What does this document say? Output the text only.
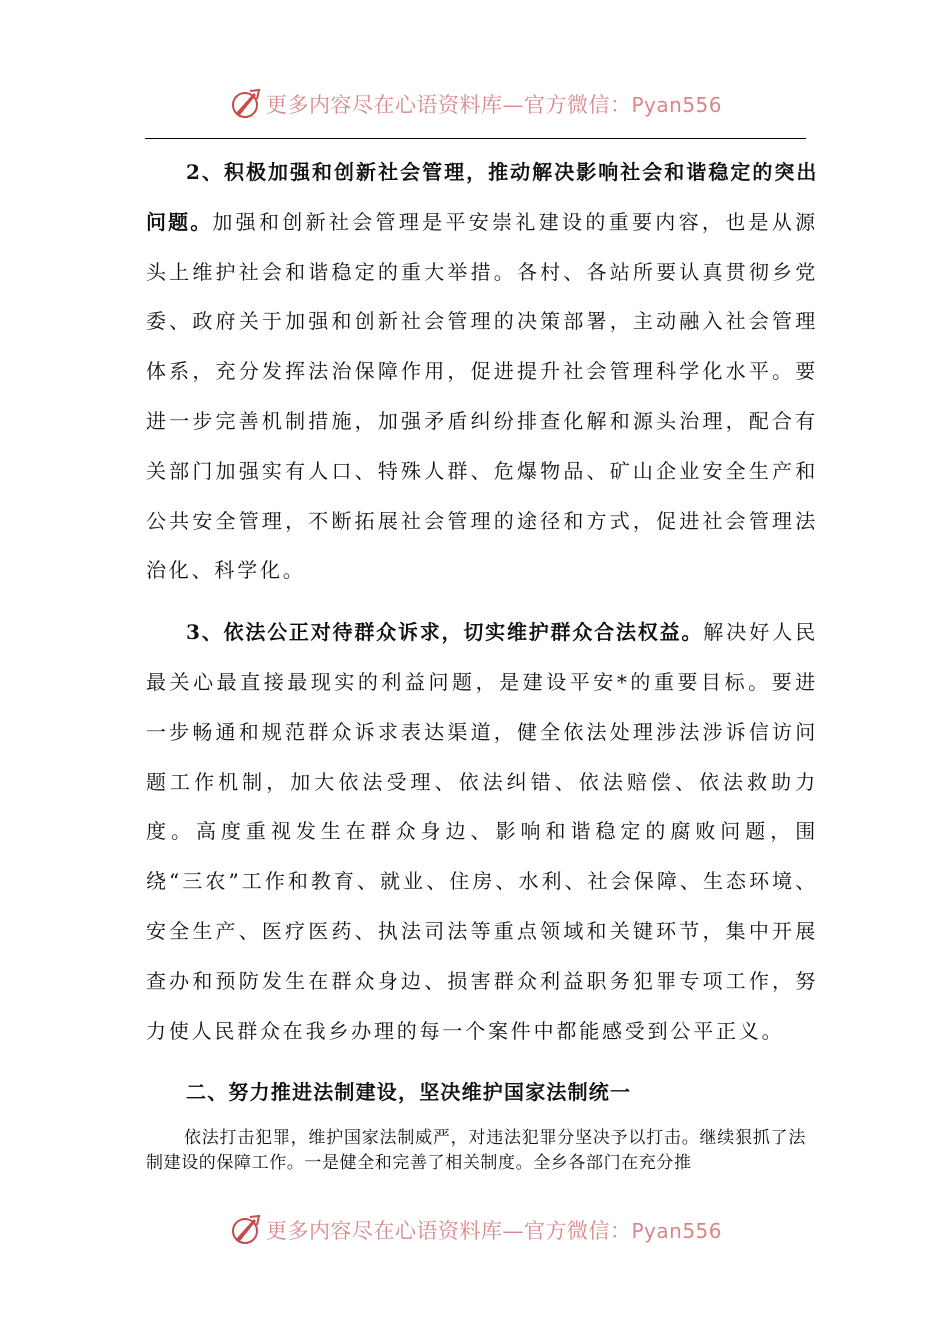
更多内容尽在心语资料库—官方微信：Pyan556

2、积极加强和创新社会管理，推动解决影响社会和谐稳定的突出问题。加强和创新社会管理是平安崇礼建设的重要内容，也是从源头上维护社会和谐稳定的重大举措。各村、各站所要认真贯彻乡党委、政府关于加强和创新社会管理的决策部署，主动融入社会管理体系，充分发挥法治保障作用，促进提升社会管理科学化水平。要进一步完善机制措施，加强矛盾纠纷排查化解和源头治理，配合有关部门加强实有人口、特殊人群、危爆物品、矿山企业安全生产和公共安全管理，不断拓展社会管理的途径和方式，促进社会管理法治化、科学化。

3、依法公正对待群众诉求，切实维护群众合法权益。解决好人民最关心最直接最现实的利益问题，是建设平安*的重要目标。要进一步畅通和规范群众诉求表达渠道，健全依法处理涉法涉诉信访问题工作机制，加大依法受理、依法纠错、依法赔偿、依法救助力度。高度重视发生在群众身边、影响和谐稳定的腐败问题，围绕“三农”工作和教育、就业、住房、水利、社会保障、生态环境、安全生产、医疗医药、执法司法等重点领域和关键环节，集中开展查办和预防发生在群众身边、损害群众利益职务犯罪专项工作，努力使人民群众在我乡办理的每一个案件中都能感受到公平正义。

二、努力推进法制建设，坚决维护国家法制统一

依法打击犯罪，维护国家法制威严，对违法犯罪分坚决予以打击。继续狠抓了法制建设的保障工作。一是健全和完善了相关制度。全乡各部门在充分推

更多内容尽在心语资料库—官方微信：Pyan556
